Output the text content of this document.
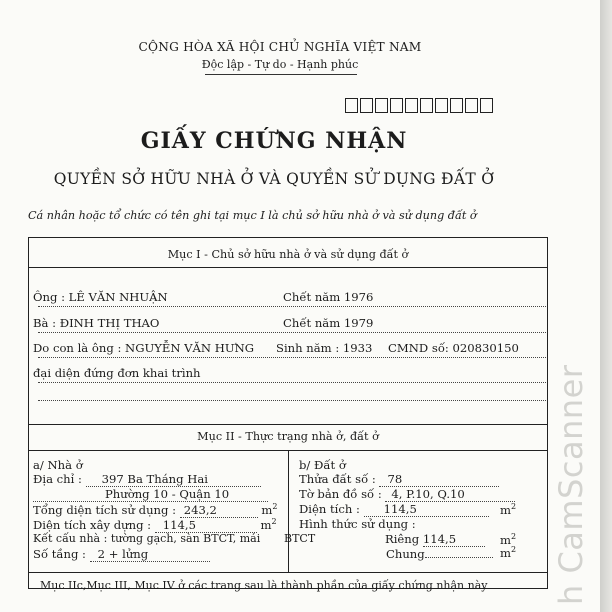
CỘNG HÒA XÃ HỘI CHỦ NGHĨA VIỆT NAM
Độc lập - Tự do - Hạnh phúc
GIẤY CHỨNG NHẬN
QUYỀN SỞ HỮU NHÀ Ở VÀ QUYỀN SỬ DỤNG ĐẤT Ở
Cá nhân hoặc tổ chức có tên ghi tại mục I là chủ sở hữu nhà ở và sử dụng đất ở
Mục I - Chủ sở hữu nhà ở và sử dụng đất ở
Ông : LÊ VĂN NHUẬN	Chết năm 1976
Bà : ĐINH THỊ THAO	Chết năm 1979
Do con là ông : NGUYỄN VĂN HƯNG Sinh năm : 1933 CMND số: 020830150
đại diện đứng đơn khai trình
Mục II - Thực trạng nhà ở, đất ở
a/ Nhà ở
Địa chỉ : 397 Ba Tháng Hai
Phường 10 - Quận 10
Tổng diện tích sử dụng : 243,2	$m^2$
Diện tích xây dựng : 114,5	$m^2$
Kết cấu nhà : tường gạch, sàn BTCT, mái BTCT
Số tầng : 2 + lửng
b/ Đất ở
Thửa đất số : 78
Tờ bản đồ số : 4, P.10, Q.10
Diện tích : 114,5	$m^2$
Hình thức sử dụng :
Riêng 114,5	$m^2$
Chung	$m^2$
Mục IIc,Mục III, Mục IV ở các trang sau là thành phần của giấy chứng nhận này h CamScanner
